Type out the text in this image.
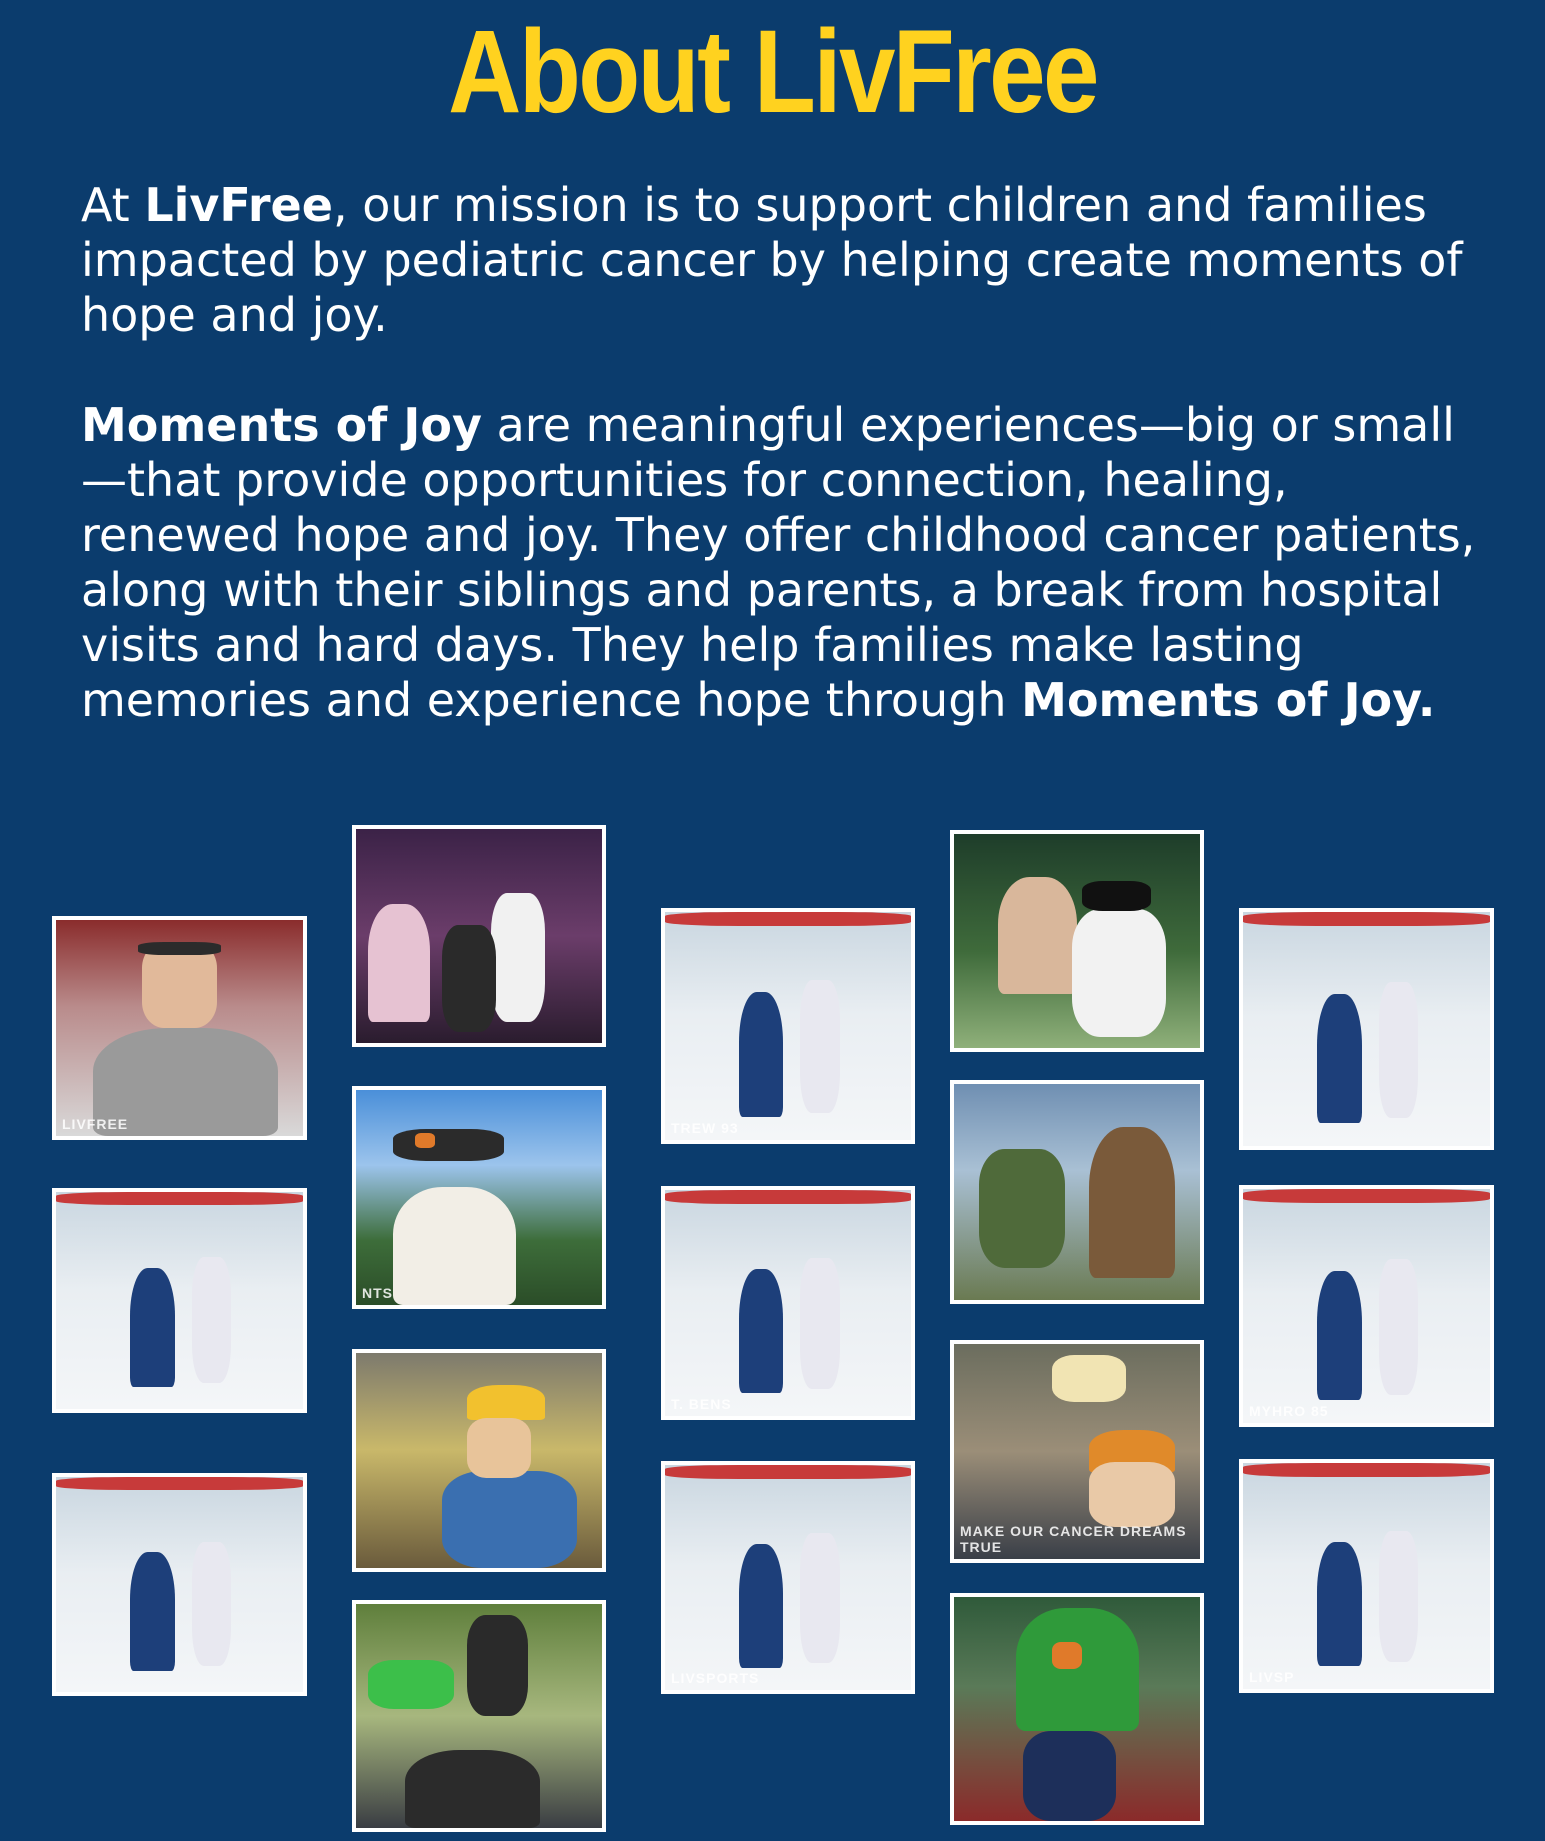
About LivFree

At LivFree, our mission is to support children and families impacted by pediatric cancer by helping create moments of hope and joy.

Moments of Joy are meaningful experiences—big or small—that provide opportunities for connection, healing, renewed hope and joy. They offer childhood cancer patients, along with their siblings and parents, a break from hospital visits and hard days. They help families make lasting memories and experience hope through Moments of Joy.

LIVFREE
NTS
TREW 93
T. BENS
LIVSPORTS
MAKE OUR CANCER DREAMS TRUE
MYHRO 85
LIVSP
